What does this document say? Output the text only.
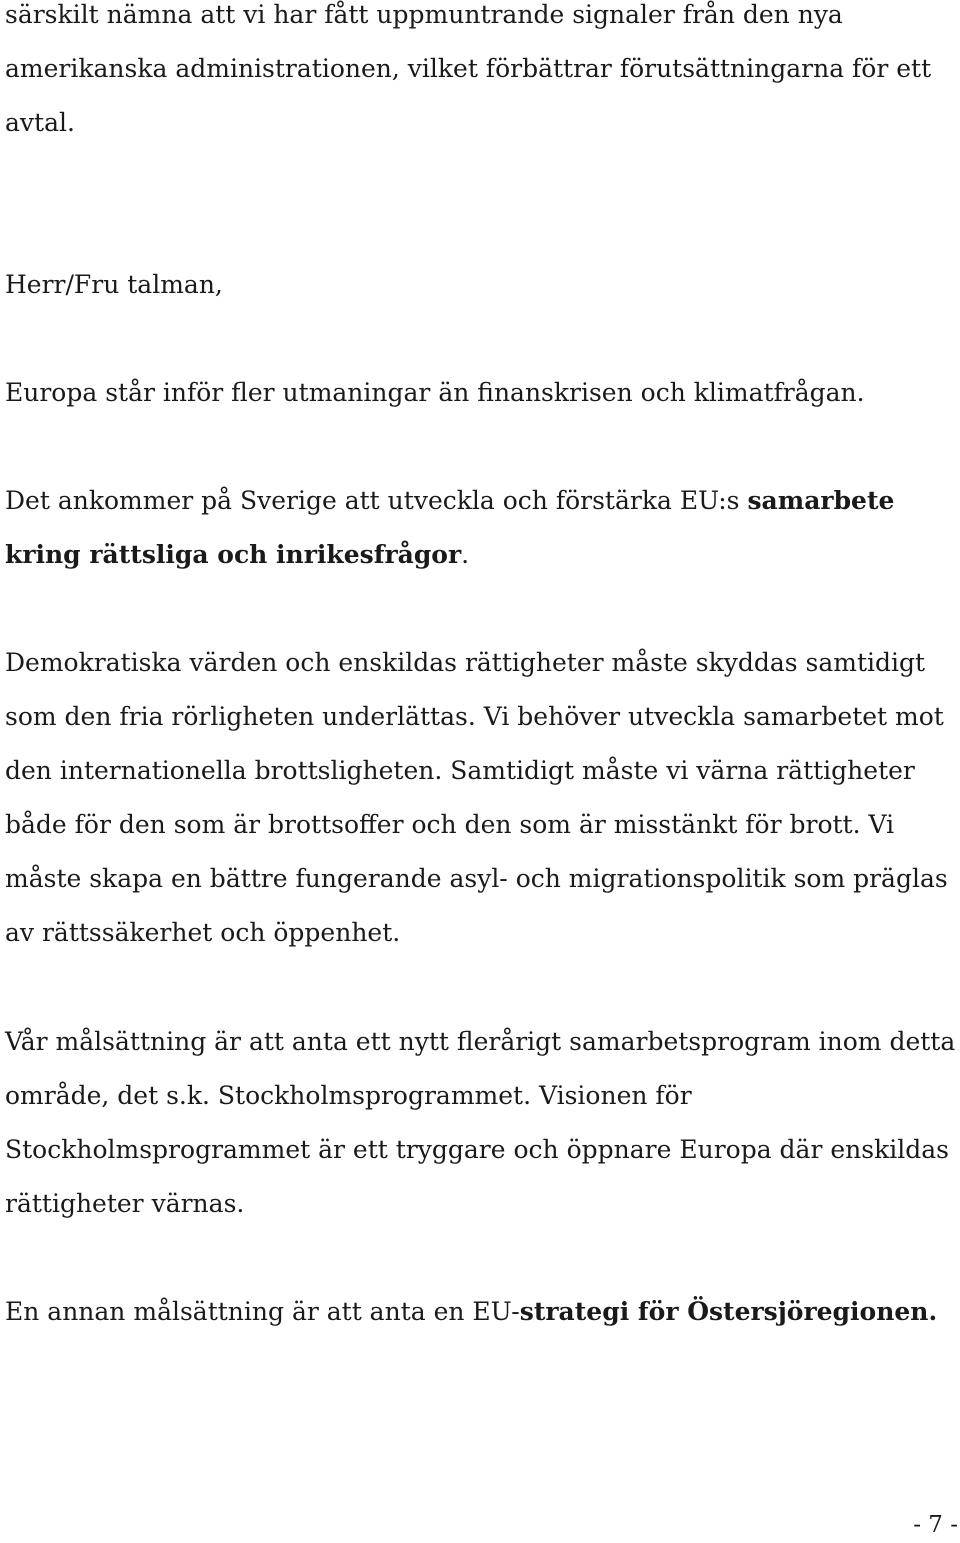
särskilt nämna att vi har fått uppmuntrande signaler från den nya
amerikanska administrationen, vilket förbättrar förutsättningarna för ett
avtal.

Herr/Fru talman,

Europa står inför fler utmaningar än finanskrisen och klimatfrågan.

Det ankommer på Sverige att utveckla och förstärka EU:s samarbete
kring rättsliga och inrikesfrågor.

Demokratiska värden och enskildas rättigheter måste skyddas samtidigt
som den fria rörligheten underlättas. Vi behöver utveckla samarbetet mot
den internationella brottsligheten. Samtidigt måste vi värna rättigheter
både för den som är brottsoffer och den som är misstänkt för brott. Vi
måste skapa en bättre fungerande asyl- och migrationspolitik som präglas
av rättssäkerhet och öppenhet.

Vår målsättning är att anta ett nytt flerårigt samarbetsprogram inom detta
område, det s.k. Stockholmsprogrammet. Visionen för
Stockholmsprogrammet är ett tryggare och öppnare Europa där enskildas
rättigheter värnas.

En annan målsättning är att anta en EU-strategi för Östersjöregionen.

- 7 -
